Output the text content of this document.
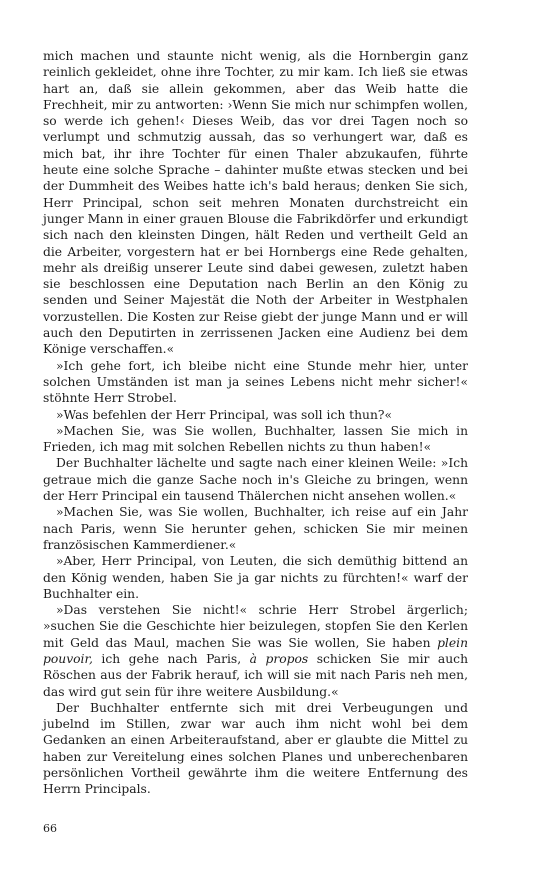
mich machen und staunte nicht wenig, als die Hornbergin ganz reinlich gekleidet, ohne ihre Tochter, zu mir kam. Ich ließ sie etwas hart an, daß sie allein gekommen, aber das Weib hatte die Frechheit, mir zu antworten: ›Wenn Sie mich nur schimpfen wollen, so werde ich gehen!‹ Dieses Weib, das vor drei Tagen noch so verlumpt und schmutzig aussah, das so verhungert war, daß es mich bat, ihr ihre Tochter für einen Thaler abzukaufen, führte heute eine solche Sprache – dahinter mußte etwas stecken und bei der Dummheit des Weibes hatte ich's bald heraus; denken Sie sich, Herr Principal, schon seit mehren Monaten durchstreicht ein junger Mann in einer grauen Blouse die Fabrikdörfer und erkundigt sich nach den kleinsten Dingen, hält Reden und vertheilt Geld an die Arbeiter, vorgestern hat er bei Hornbergs eine Rede gehalten, mehr als dreißig unserer Leute sind dabei gewesen, zuletzt haben sie beschlossen eine Deputation nach Berlin an den König zu senden und Seiner Majestät die Noth der Arbeiter in Westphalen vorzustellen. Die Kosten zur Reise giebt der junge Mann und er will auch den Deputirten in zerrissenen Jacken eine Audienz bei dem Könige verschaffen.«

»Ich gehe fort, ich bleibe nicht eine Stunde mehr hier, unter solchen Umständen ist man ja seines Lebens nicht mehr sicher!« stöhnte Herr Strobel.

»Was befehlen der Herr Principal, was soll ich thun?«

»Machen Sie, was Sie wollen, Buchhalter, lassen Sie mich in Frieden, ich mag mit solchen Rebellen nichts zu thun haben!«

Der Buchhalter lächelte und sagte nach einer kleinen Weile: »Ich getraue mich die ganze Sache noch in's Gleiche zu bringen, wenn der Herr Principal ein tausend Thälerchen nicht ansehen wollen.«

»Machen Sie, was Sie wollen, Buchhalter, ich reise auf ein Jahr nach Paris, wenn Sie herunter gehen, schicken Sie mir meinen französischen Kammerdiener.«

»Aber, Herr Principal, von Leuten, die sich demüthig bittend an den König wenden, haben Sie ja gar nichts zu fürchten!« warf der Buchhalter ein.

»Das verstehen Sie nicht!« schrie Herr Strobel ärgerlich; »suchen Sie die Geschichte hier beizulegen, stopfen Sie den Kerlen mit Geld das Maul, machen Sie was Sie wollen, Sie haben plein pouvoir, ich gehe nach Paris, à propos schicken Sie mir auch Röschen aus der Fabrik herauf, ich will sie mit nach Paris neh men, das wird gut sein für ihre weitere Ausbildung.«

Der Buchhalter entfernte sich mit drei Verbeugungen und jubelnd im Stillen, zwar war auch ihm nicht wohl bei dem Gedanken an einen Arbeiteraufstand, aber er glaubte die Mittel zu haben zur Vereitelung eines solchen Planes und unberechenbaren persönlichen Vortheil gewährte ihm die weitere Entfernung des Herrn Principals.

66
